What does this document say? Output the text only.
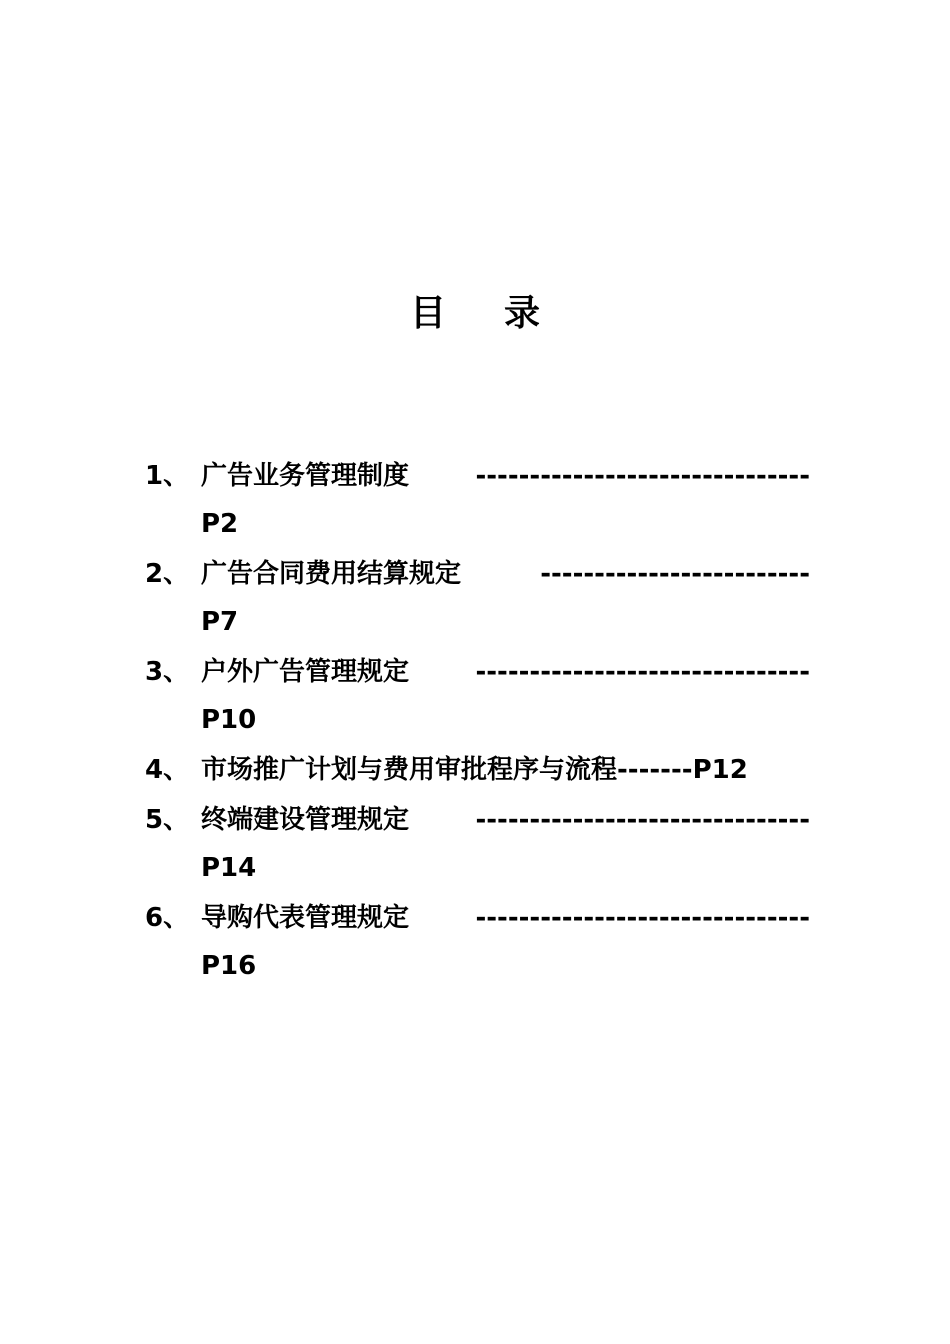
目 录
1、 广告业务管理制度	-------------------------------
P2
2、 广告合同费用结算规定	-------------------------
P7
3、 户外广告管理规定	-------------------------------
P10
4、 市场推广计划与费用审批程序与流程 ------- P12
5、 终端建设管理规定	-------------------------------
P14
6、 导购代表管理规定	-------------------------------
P16
